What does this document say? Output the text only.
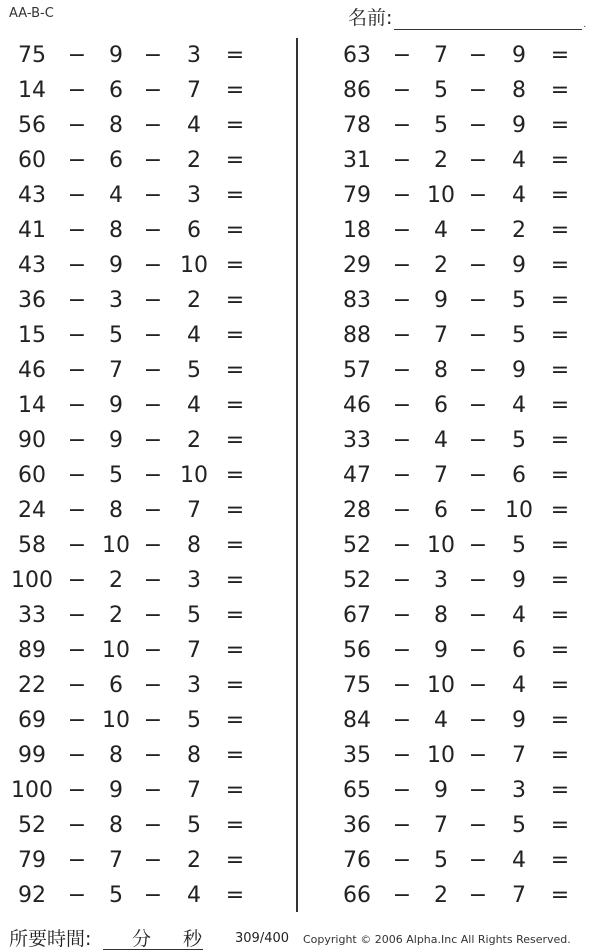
AA-B-C	名前:	.
75 −	9 −	3	=
14 −	6 −	7	=
56 −	8 −	4	=
60 −	6 −	2	=
43 −	4 −	3	=
41 −	8 −	6	=
43 −	9 − 10 =
36 −	3 −	2	=
15 −	5 −	4	=
46 −	7 −	5	=
14 −	9 −	4	=
90 −	9 −	2	=
60 −	5 − 10 =
24 −	8 −	7	=
58 − 10 −	8	=
100 −	2 −	3	=
33 −	2 −	5	=
89 − 10 −	7	=
22 −	6 −	3	=
69 − 10 −	5	=
99 −	8 −	8	=
100 −	9 −	7	=
52 −	8 −	5	=
79 −	7 −	2	=
92 −	5 −	4	=
63 −	7 −	9	=
86 −	5 −	8	=
78 −	5 −	9	=
31 −	2 −	4	=
79 − 10 −	4	=
18 −	4 −	2	=
29 −	2 −	9	=
83 −	9 −	5	=
88 −	7 −	5	=
57 −	8 −	9	=
46 −	6 −	4	=
33 −	4 −	5	=
47 −	7 −	6	=
28 −	6 − 10 =
52 − 10 −	5	=
52 −	3 −	9	=
67 −	8 −	4	=
56 −	9 −	6	=
75 − 10 −	4	=
84 −	4 −	9	=
35 − 10 −	7	=
65 −	9 −	3	=
36 −	7 −	5	=
76 −	5 −	4	=
66 −	2 −	7	=
所要時間: 分 秒	309/400 Copyright © 2006 Alpha.Inc All Rights Reserved.
